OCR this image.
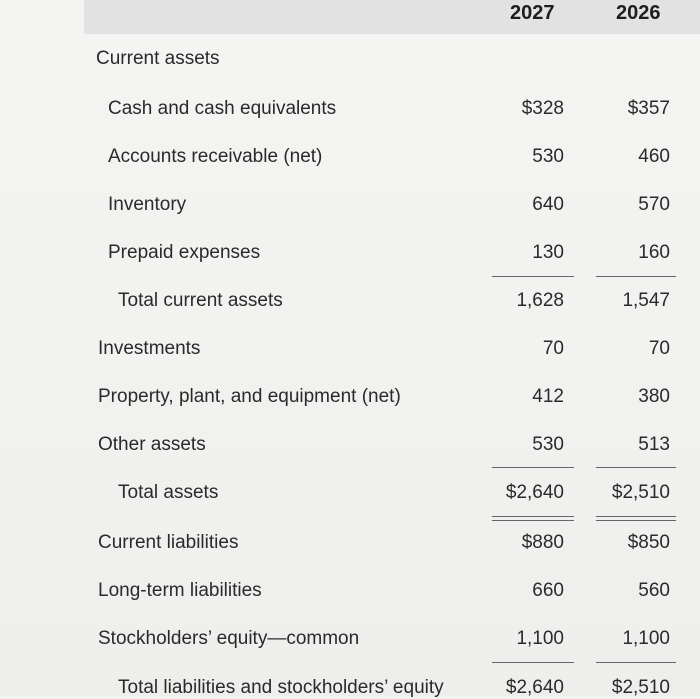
2027	2026
Current assets
Cash and cash equivalents	$328	$357
Accounts receivable (net)	530	460
Inventory	640	570
Prepaid expenses	130	160
Total current assets	1,628	1,547
Investments	70	70
Property, plant, and equipment (net)	412	380
Other assets	530	513
Total assets	$2,640	$2,510
Current liabilities	$880	$850
Long-term liabilities	660	560
Stockholders’ equity—common	1,100	1,100
Total liabilities and stockholders’ equity	$2,640	$2,510
